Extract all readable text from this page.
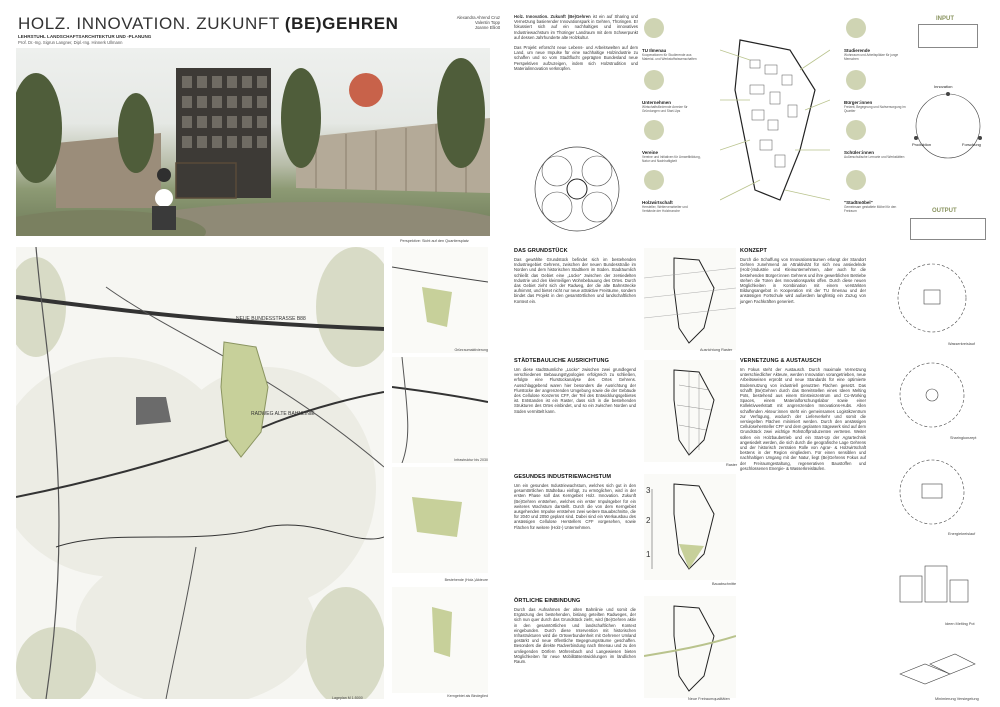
HOLZ. INNOVATION. ZUKUNFT (BE)GEHREN
LEHRSTUHL LANDSCHAFTSARCHITEKTUR UND -PLANUNG
Prof. Dr.-Ing. Sigrun Langner, Dipl.-Ing. Hinnerk Ullmann
Alexandra Ahrend Cruz
Valentin Topp
Joanne Elliott
Perspektive: Sicht auf den Quartiersplatz

Holz. Innovation. Zukunft (Be)Gehren ist ein auf Sharing und Vernetzung basierender Innovationspark in Gehren, Thüringen. Er fokussiert sich auf ein nachhaltiges und innovatives Industriewachstum im Thüringer Landraum mit dem Schwerpunkt auf dessen Jahrhunderte alte Holzkultur.

Das Projekt erforscht neue Lebens- und Arbeitswelten auf dem Land, um neue Impulse für eine nachhaltige Holzindustrie zu schaffen und so vom Stadtflucht geprägten Bundesland neue Perspektiven aufzuzeigen, indem sich Holzstrudition und Materialinnovation verknüpfen.

TU Ilmenau
Kooperationen für Studierende aus Material- und Werkstoffwissenschaften
Unternehmen
Wirtschaftsfördernde Anreize für Gründungen und Start-Ups
Vereine
Vereine und Initiativen für Umweltbildung, Natur und Nachhaltigkeit
Holzwirtschaft
Hersteller, Weiterverarbeiter und Verbände der Holzbranche
Studierende
Wohnraum und Arbeitsplätze für junge Menschen
Bürger:innen
Freizeit, Begegnung und Nahversorgung im Quartier
Schüler:innen
Außerschulische Lernorte und Werkstätten
"Stadtmöbel"
Gemeinsam gestaltete Möbel für den Freiraum
INPUT
Innovation
Produktion	Forschung
OUTPUT
NEUE BUNDESSTRASSE B88
RADWEG ALTE BAHNLINIE
Lageplan M 1:5000
Grünraumaktivierung
Infrastruktur bis 2030
Bestehende (Holz-)Akteure
Kerngebiet als Bindeglied
DAS GRUNDSTÜCK
Das gewählte Grundstück befindet sich im bestehenden Industriegebiet Gehrens, zwischen der neuen Bundesstraße im Norden und dem historischen Stadtkern im Süden. Stadräumlich schließt das Gebiet eine „Lücke“ zwischen der zersiedelten Industrie und den kleinteiligen Wohnbebauung des Ortes. Durch das Gebiet zieht sich der Radweg, der die alte Bahnstrecke aufnimmt, und bietet nicht nur neue attraktive Freiräume, sondern bindet das Projekt in den gesamtörtlichen und landschaftlichen Kontext ein.
STÄDTEBAULICHE AUSRICHTUNG
Um diese stadträumliche „Lücke“ zwischen zwei grundlegend verschiedenen Bebauungstypologien erfolgreich zu schließen, erfolgte eine Flurstückanalyse des Ortes Gehrens. Ausschlaggebend waren hier besonders die Ausrichtung der Flurstücke der angrenzenden Umgebung sowie die der Gebäude des Cellulose Konzerns CFF, der Teil des Entwicklungsgebietes ist. Entstanden ist ein Raster, dass sich in die bestehenden Strukturen des Ortes einbindet, und so ein zwischen Norden und Süden vermittelt kann.
GESUNDES INDUSTRIEWACHSTUM
Um ein gesundes Industriewachstum, welches sich gut in den gesamtörtlichen Städtebau einfügt, zu ermöglichen, wird in der ersten Phase soll das Kerngebiet Holz. Innovation. Zukunft (Be)Gehren entstehen, welches ein erster Impulsgeber für ein weiteres Wachstum darstellt. Durch die von dem Kerngebiet ausgehenden Impulse entstehen zwei weitere Bauabschnitte, die für 2040 und 2050 geplant sind. Dabei sind ein Werkausbau des ansässigen Cellulose Herstellers CFF vorgesehen, sowie Flächen für weitere (Holz-) Unternehmen.
ÖRTLICHE EINBINDUNG
Durch das Aufnahmen der alten Bahnlinie und somit die Ergänzung des bestehenden, bislang geteilten Radweges, der sich nun quer durch das Grundstück zieht, wird (Be)Gehren aktiv in den gesamtörtlichen und landschaftlichen Kontext eingebunden. Durch diese Intervention mit historischen Infrastrukturen wird die Ortsverbundenheit mit Gehrener Umland gestärkt und neue öffentliche Begegnungsräume geschaffen. Besonders die direkte Radverbindung nach Ilmenau und zu den umliegenden Dörfern Möhrenbach und Langewiesen bieten Möglichkeiten für neue Mobilitätsentwicklungen im ländlichen Raum.
Ausrichtung Raster
Raster
3
2
1
Bauabschnitte
Neue Freiraumqualitäten
KONZEPT
Durch die Schaffung von Innovationsräumen erlangt der Standort Gehren zunehmend an Attraktivität für sich neu ansiedelnde (Holz-)Industrie und Kleinunternehmen, aber auch für die bestehenden Bürger:innen Gehrens und ihre gewerblichen Betriebe stehen die Türen des Innovationsparks offen. Durch diese neuen Möglichkeiten in Kombination mit einem verstärkten Bildungsangebot in Kooperation mit der TU Ilmenau und der ansässigen Fortschule wird außerdem langfristig ein Zuzug von jungen Fachkräften generiert.
VERNETZUNG & AUSTAUSCH
Im Fokus steht der Austausch. Durch maximale Vernetzung unterschiedlicher Akteure, werden Innovation vorangetrieben, neue Arbeitsweisen erprobt und neue Standards für eine optimierte Bodennutzung von industriell genutzten Flächen gesetzt. Das schafft (Be)Gehren durch das Bereitstellen eines Ideen Melting Pots, bestehend aus einem Einsteinzentrum und Co-Working Spaces, einem Materialforschungslabor sowie einer Kollektivwerkstatt mit angrenzenden Innovations-Hubs. Allen schaffenden Akteur:innen steht ein gemeinsames Logistikzentrum zur Verfügung, wodurch der Lieferverkehr und somit die versiegelten Flächen minimiert werden. Durch den ansässigen Cellulosehersteller CFF und dem geplanten Sägewerk sind auf dem Grundstück zwei wichtige Rohstoffproduzenten vertreten. Weiter sollen ein Holzbaubetrieb und ein Start-Up der Agrartechnik angesiedelt werden, die sich durch die geografische Lage Gehrens und der historisch zentralen Rolle von Agrar- & Holzwirtschaft bestens in der Region eingliedern. Für einen sensiblen und nachhaltigen Umgang mit der Natur, liegt (Be)Gehrens Fokus auf der Freiraumgestaltung, regenerativen Baustoffen und geschlossenen Energie- & Wasserkreisläufen.
Wasserkreislauf
Sharingkonzept
Energiekreislauf
Ideen Melting Pot
Minimierung Versiegelung
